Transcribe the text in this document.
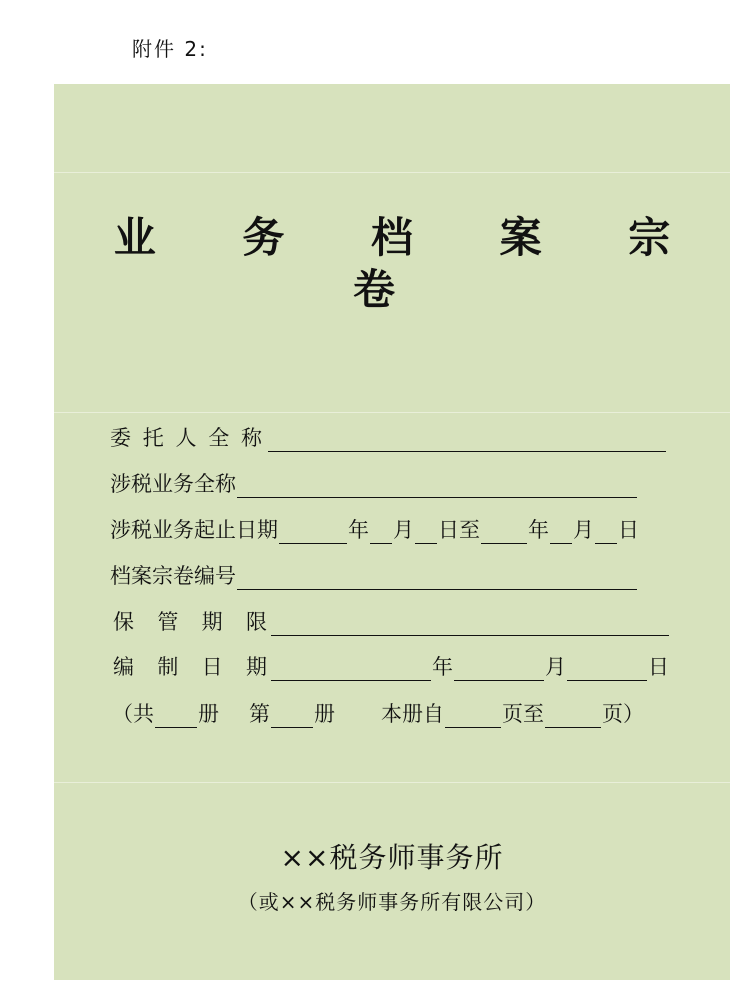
附件 2:
业 务 档 案 宗 卷
委 托 人 全 称
涉税业务全称
涉税业务起止日期	年 月 日 至 年 月 日
档案宗卷编号
保 管 期 限
编 制 日 期	年	月	日
（共 册 第 册 本册自	页 至	页 ）
××税务师事务所
（或××税务师事务所有限公司）
